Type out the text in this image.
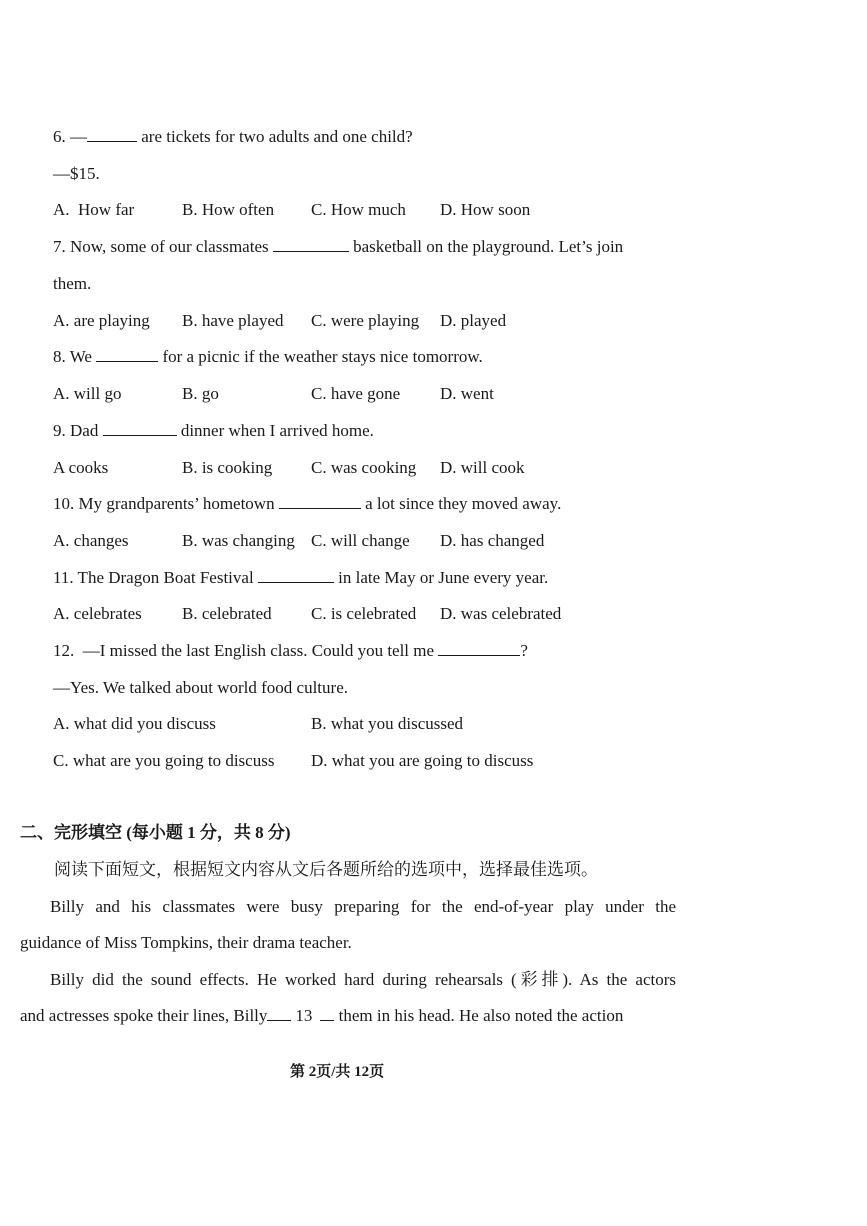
6. —	are tickets for two adults and one child?
—$15.
A.  How far	B. How often C. How much D. How soon
7. Now, some of our classmates	basketball on the playground. Let’s join
them.
A. are playing B. have played C. were playing D. played
8. We	for a picnic if the weather stays nice tomorrow.
A. will go	B. go	C. have gone D. went
9. Dad	dinner when I arrived home.
A cooks	B. is cooking C. was cooking D. will cook
10. My grandparents’ hometown	a lot since they moved away.
A. changes	B. was changing C. will change D. has changed
11. The Dragon Boat Festival	in late May or June every year.
A. celebrates B. celebrated C. is celebrated D. was celebrated
12.  —I missed the last English class. Could you tell me	?
—Yes. We talked about world food culture.
A. what did you discuss	B. what you discussed
C. what are you going to discuss D. what you are going to discuss
二、完形填空 (每小题 1 分，共 8 分)
阅读下面短文，根据短文内容从文后各题所给的选项中，选择最佳选项。
Billy and his classmates were busy preparing for the end-of-year play under the
guidance of Miss Tompkins, their drama teacher.
Billy did the sound effects. He worked hard during rehearsals (彩排). As the actors
and actresses spoke their lines, Billy 13 them in his head. He also noted the action
第 2页/共 12页
